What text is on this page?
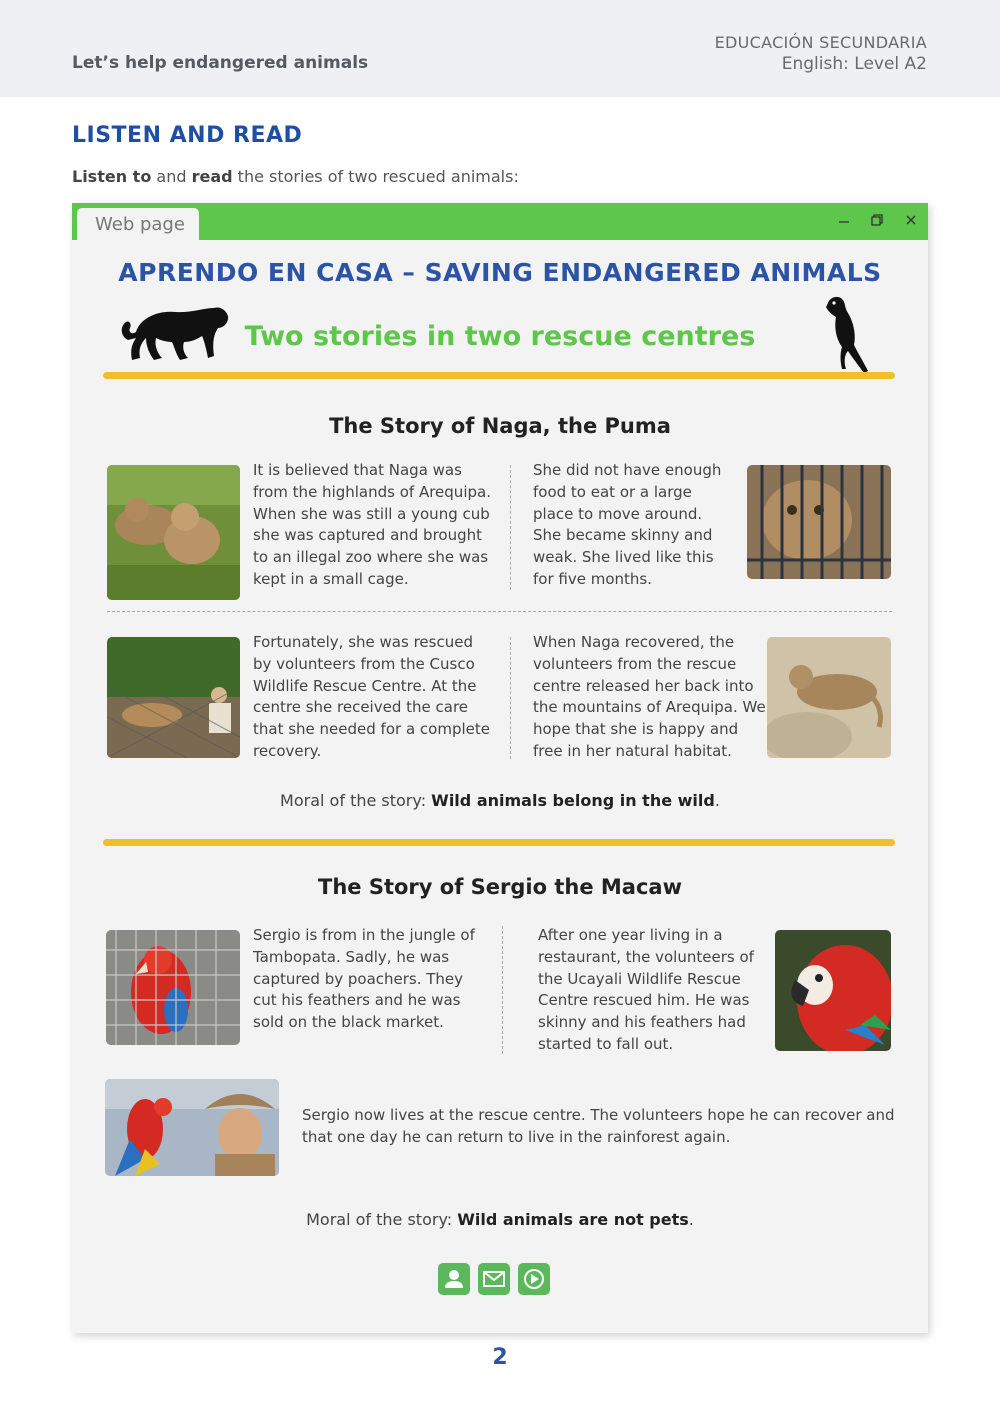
Let’s help endangered animals
EDUCACIÓN SECUNDARIA
English: Level A2
LISTEN AND READ
Listen to and read the stories of two rescued animals:
Web page
APRENDO EN CASA – SAVING ENDANGERED ANIMALS
Two stories in two rescue centres
The Story of Naga, the Puma
It is believed that Naga was from the highlands of Arequipa. When she was still a young cub she was captured and brought to an illegal zoo where she was kept in a small cage.
She did not have enough food to eat or a large place to move around. She became skinny and weak. She lived like this for five months.
Fortunately, she was rescued by volunteers from the Cusco Wildlife Rescue Centre. At the centre she received the care that she needed for a complete recovery.
When Naga recovered, the volunteers from the rescue centre released her back into the mountains of Arequipa. We hope that she is happy and free in her natural habitat.
Moral of the story: Wild animals belong in the wild.
The Story of Sergio the Macaw
Sergio is from in the jungle of Tambopata. Sadly, he was captured by poachers. They cut his feathers and he was sold on the black market.
After one year living in a restaurant, the volunteers of the Ucayali Wildlife Rescue Centre rescued him. He was skinny and his feathers had started to fall out.
Sergio now lives at the rescue centre. The volunteers hope he can recover and that one day he can return to live in the rainforest again.
Moral of the story: Wild animals are not pets.
2
